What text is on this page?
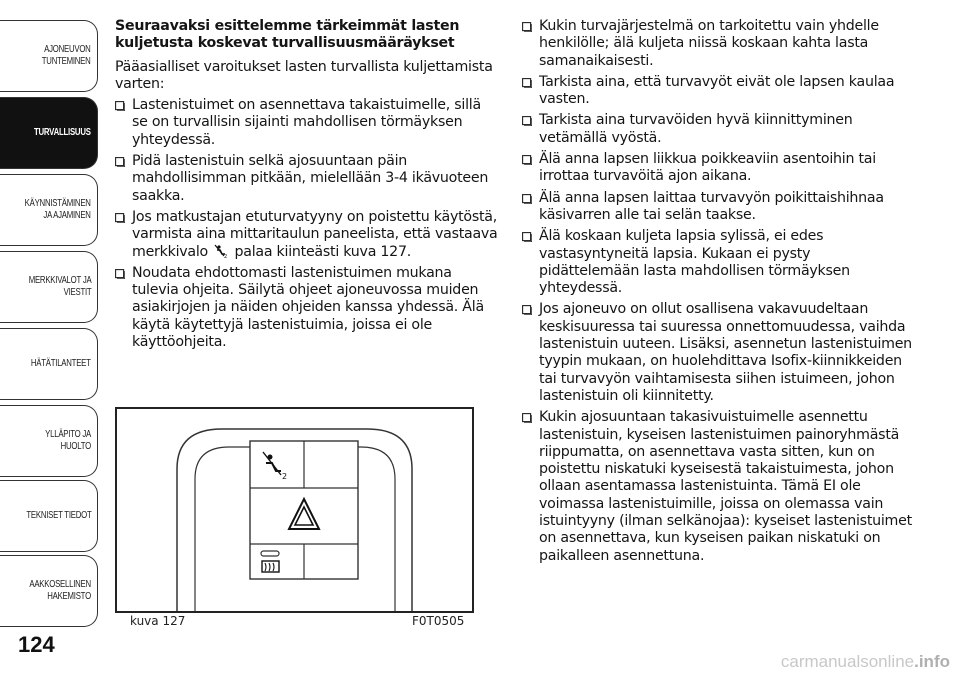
AJONEUVON
TUNTEMINEN
TURVALLISUUS
KÄYNNISTÄMINEN
JA AJAMINEN
MERKKIVALOT JA
VIESTIT
HÄTÄTILANTEET
YLLÄPITO JA HUOLTO
TEKNISET TIEDOT
AAKKOSELLINEN
HAKEMISTO
124

Seuraavaksi esittelemme tärkeimmät lasten kuljetusta koskevat turvallisuusmääräykset

Pääasialliset varoitukset lasten turvallista kuljettamista varten:

Lastenistuimet on asennettava takaistuimelle, sillä se on turvallisin sijainti mahdollisen törmäyksen yhteydessä.
Pidä lastenistuin selkä ajosuuntaan päin mahdollisimman pitkään, mielellään 3-4 ikävuoteen saakka.
Jos matkustajan etuturvatyyny on poistettu käytöstä, varmista aina mittaritaulun paneelista, että vastaava merkkivalo	2 palaa kiinteästi kuva 127.
Noudata ehdottomasti lastenistuimen mukana tulevia ohjeita. Säilytä ohjeet ajoneuvossa muiden asiakirjojen ja näiden ohjeiden kanssa yhdessä. Älä käytä käytettyjä lastenistuimia, joissa ei ole käyttöohjeita.
2
kuva 127	F0T0505
Kukin turvajärjestelmä on tarkoitettu vain yhdelle henkilölle; älä kuljeta niissä koskaan kahta lasta samanaikaisesti.
Tarkista aina, että turvavyöt eivät ole lapsen kaulaa vasten.
Tarkista aina turvavöiden hyvä kiinnittyminen vetämällä vyöstä.
Älä anna lapsen liikkua poikkeaviin asentoihin tai irrottaa turvavöitä ajon aikana.
Älä anna lapsen laittaa turvavyön poikittaishihnaa käsivarren alle tai selän taakse.
Älä koskaan kuljeta lapsia sylissä, ei edes vastasyntyneitä lapsia. Kukaan ei pysty pidättelemään lasta mahdollisen törmäyksen yhteydessä.
Jos ajoneuvo on ollut osallisena vakavuudeltaan keskisuuressa tai suuressa onnettomuudessa, vaihda lastenistuin uuteen. Lisäksi, asennetun lastenistuimen tyypin mukaan, on huolehdittava Isofix-kiinnikkeiden tai turvavyön vaihtamisesta siihen istuimeen, johon lastenistuin oli kiinnitetty.
Kukin ajosuuntaan takasivuistuimelle asennettu lastenistuin, kyseisen lastenistuimen painoryhmästä riippumatta, on asennettava vasta sitten, kun on poistettu niskatuki kyseisestä takaistuimesta, johon ollaan asentamassa lastenistuinta. Tämä EI ole voimassa lastenistuimille, joissa on olemassa vain istuintyyny (ilman selkänojaa): kyseiset lastenistuimet on asennettava, kun kyseisen paikan niskatuki on paikalleen asennettuna.
carmanualsonline.info
